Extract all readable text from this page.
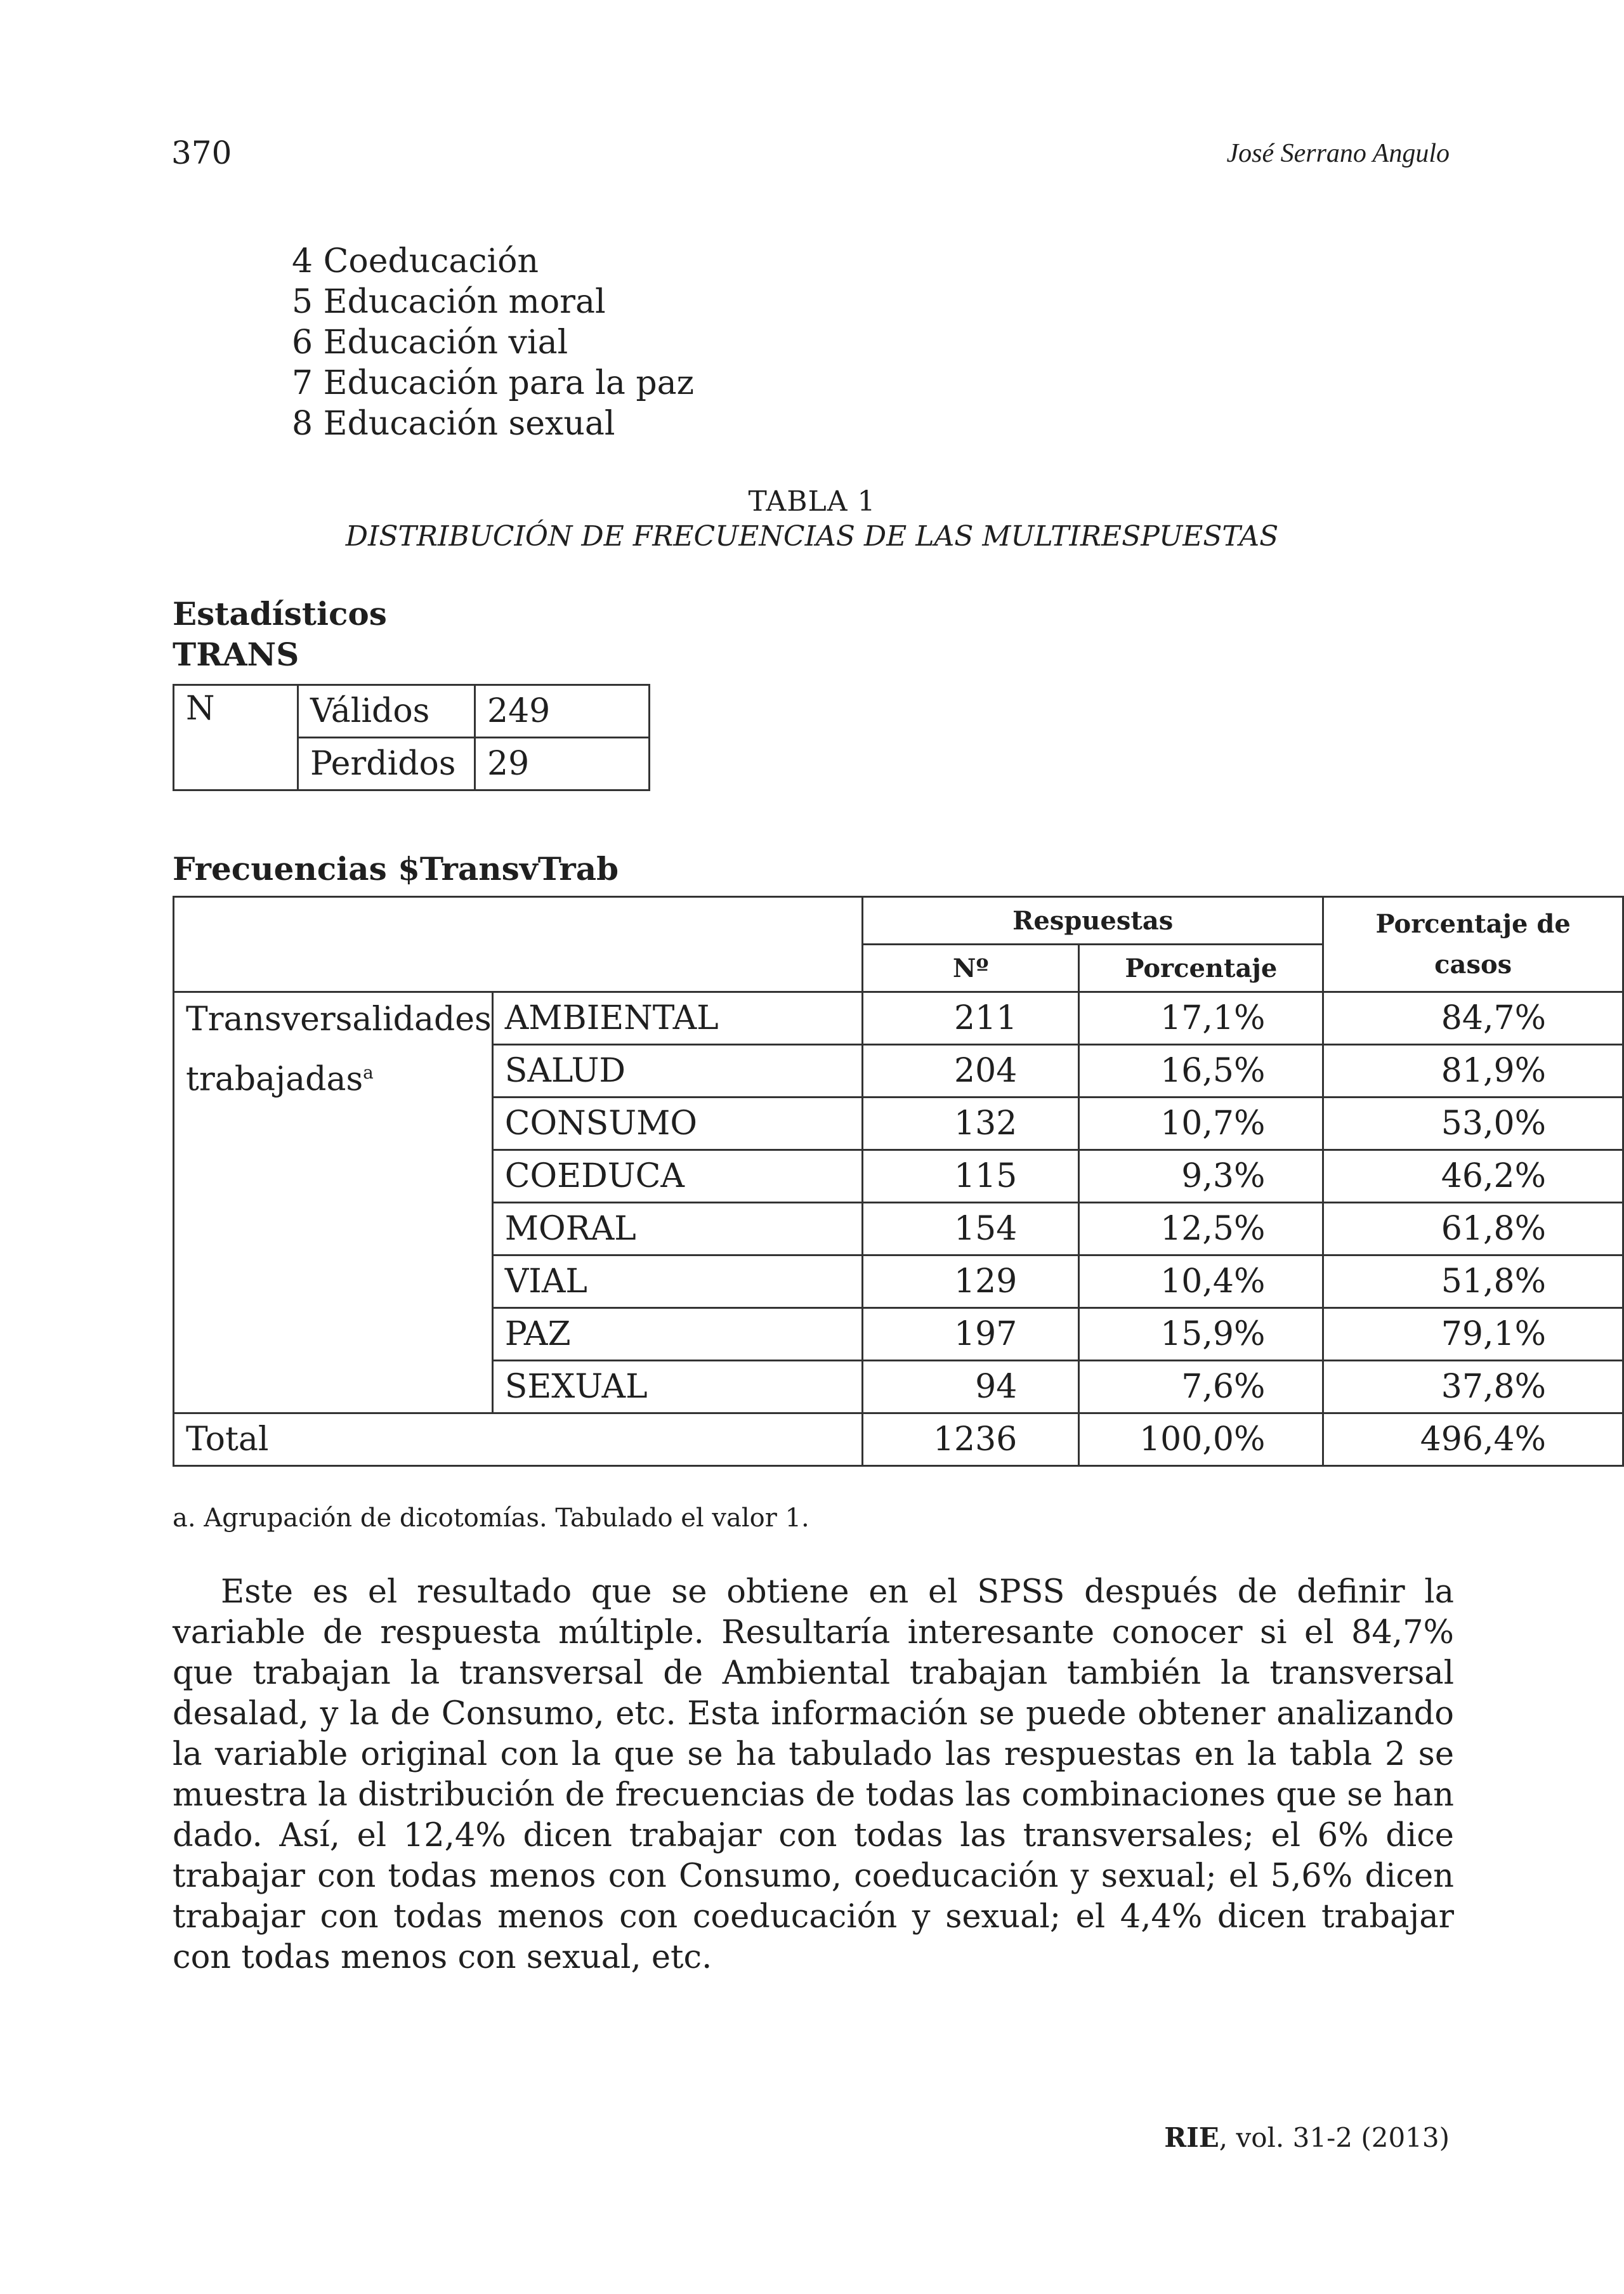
370	José Serrano Angulo
4 Coeducación
5 Educación moral
6 Educación vial
7 Educación para la paz
8 Educación sexual
TABLA 1
DISTRIBUCIÓN DE FRECUENCIAS DE LAS MULTIRESPUESTAS
Estadísticos
TRANS
N	Válidos	249
	Perdidos	29
Frecuencias $TransvTrab
		Respuestas		Porcentaje de
casos
		Nº	Porcentaje	
Transversalidades
trabajadas$^a$	AMBIENTAL	211	17,1%	84,7%
	SALUD	204	16,5%	81,9%
	CONSUMO	132	10,7%	53,0%
	COEDUCA	115	9,3%	46,2%
	MORAL	154	12,5%	61,8%
	VIAL	129	10,4%	51,8%
	PAZ	197	15,9%	79,1%
	SEXUAL	94	7,6%	37,8%
Total		1236	100,0%	496,4%
a. Agrupación de dicotomías. Tabulado el valor 1.

Este es el resultado que se obtiene en el SPSS después de definir la variable de respuesta múltiple. Resultaría interesante conocer si el 84,7% que trabajan la transversal de Ambiental trabajan también la transversal desalad, y la de Consumo, etc. Esta información se puede obtener analizando la variable original con la que se ha tabulado las respuestas en la tabla 2 se muestra la distribución de frecuencias de todas las combinaciones que se han dado. Así, el 12,4% dicen trabajar con todas las transversales; el 6% dice trabajar con todas menos con Consumo, coeducación y sexual; el 5,6% dicen trabajar con todas menos con coeducación y sexual; el 4,4% dicen trabajar con todas menos con sexual, etc.

RIE, vol. 31-2 (2013)
